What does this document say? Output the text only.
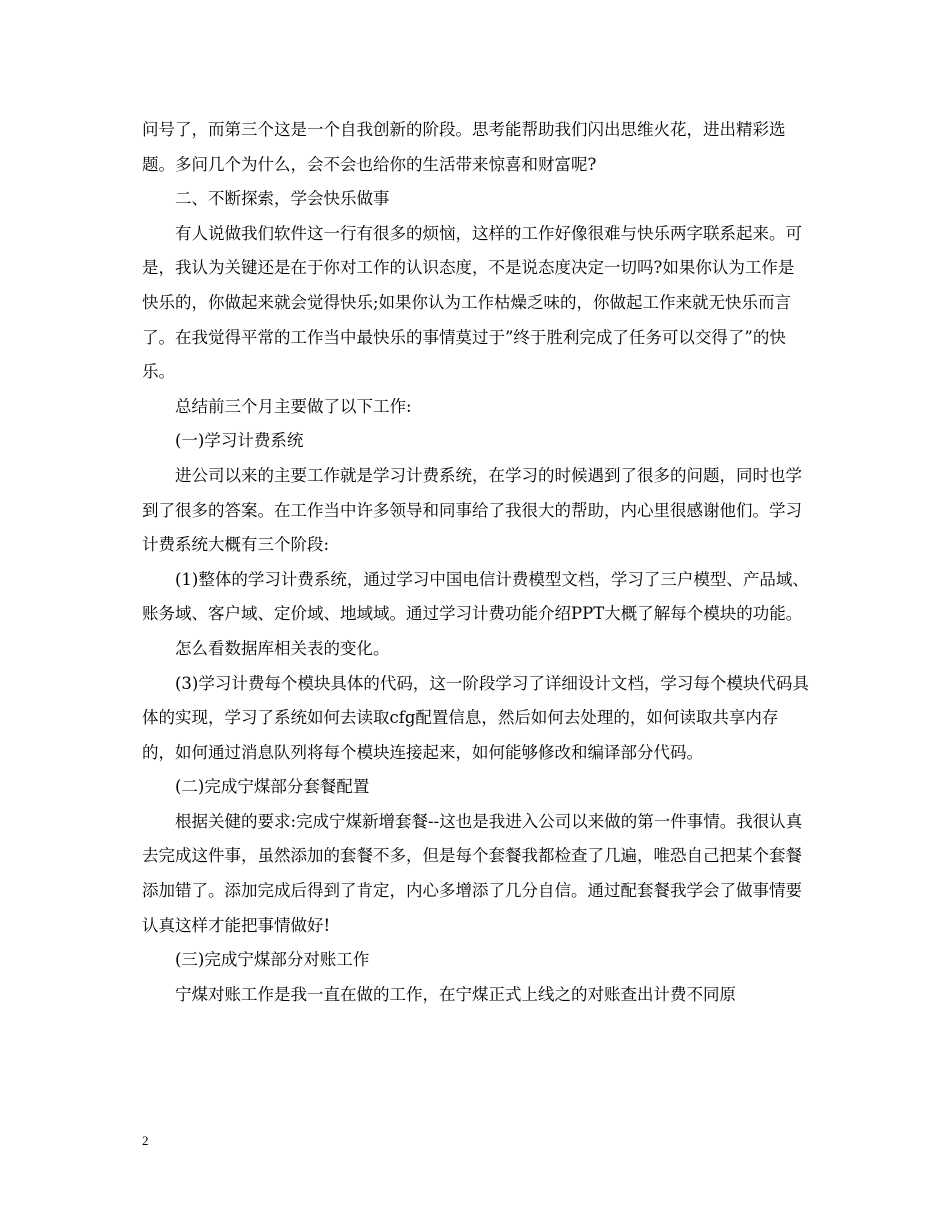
问号了，而第三个这是一个自我创新的阶段。思考能帮助我们闪出思维火花，进出精彩选题。多问几个为什么，会不会也给你的生活带来惊喜和财富呢?

二、不断探索，学会快乐做事

有人说做我们软件这一行有很多的烦恼，这样的工作好像很难与快乐两字联系起来。可是，我认为关键还是在于你对工作的认识态度，不是说态度决定一切吗?如果你认为工作是快乐的，你做起来就会觉得快乐;如果你认为工作枯燥乏味的，你做起工作来就无快乐而言了。在我觉得平常的工作当中最快乐的事情莫过于”终于胜利完成了任务可以交得了”的快乐。

总结前三个月主要做了以下工作:

(一)学习计费系统

进公司以来的主要工作就是学习计费系统，在学习的时候遇到了很多的问题，同时也学到了很多的答案。在工作当中许多领导和同事给了我很大的帮助，内心里很感谢他们。学习计费系统大概有三个阶段:

(1)整体的学习计费系统，通过学习中国电信计费模型文档，学习了三户模型、产品域、账务域、客户域、定价域、地域域。通过学习计费功能介绍PPT大概了解每个模块的功能。

怎么看数据库相关表的变化。

(3)学习计费每个模块具体的代码，这一阶段学习了详细设计文档，学习每个模块代码具体的实现，学习了系统如何去读取cfg配置信息，然后如何去处理的，如何读取共享内存的，如何通过消息队列将每个模块连接起来，如何能够修改和编译部分代码。

(二)完成宁煤部分套餐配置

根据关健的要求:完成宁煤新增套餐--这也是我进入公司以来做的第一件事情。我很认真去完成这件事，虽然添加的套餐不多，但是每个套餐我都检查了几遍，唯恐自己把某个套餐添加错了。添加完成后得到了肯定，内心多增添了几分自信。通过配套餐我学会了做事情要认真这样才能把事情做好!

(三)完成宁煤部分对账工作

宁煤对账工作是我一直在做的工作，在宁煤正式上线之的对账查出计费不同原

2
